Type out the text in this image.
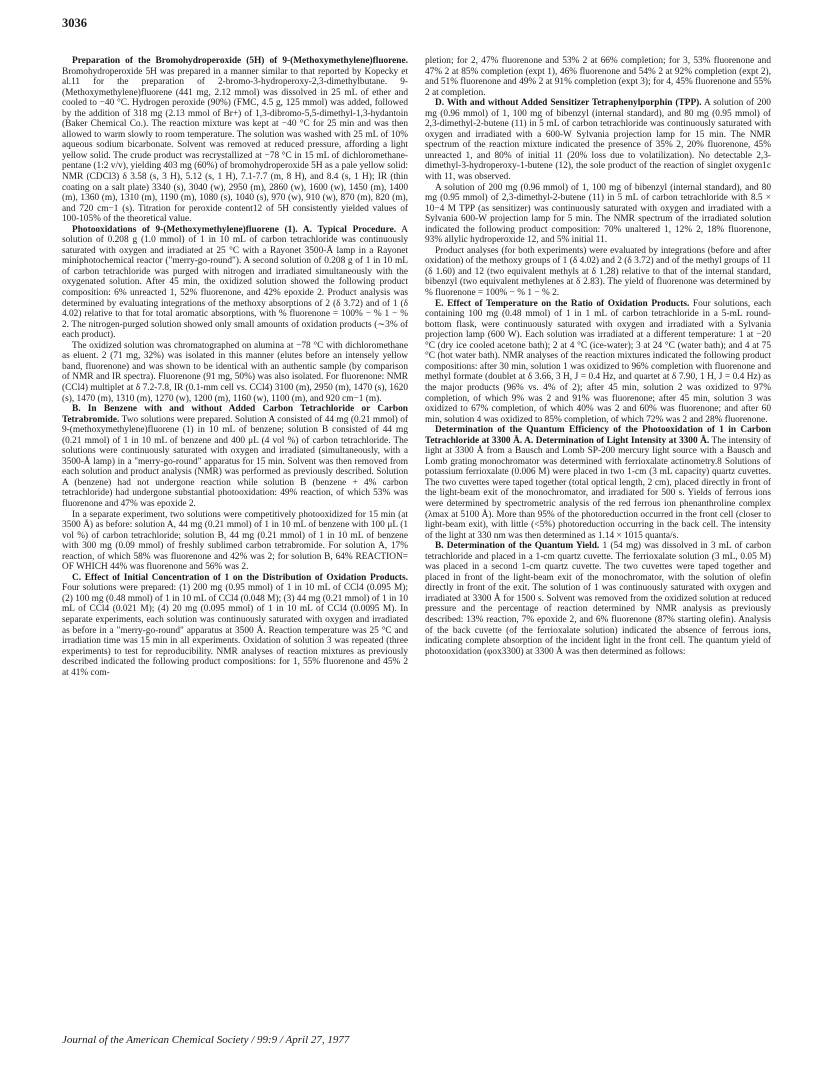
3036

Preparation of the Bromohydroperoxide (5H) of 9-(Methoxymethylene)fluorene. Bromohydroperoxide 5H was prepared in a manner similar to that reported by Kopecky et al.11 for the preparation of 2-bromo-3-hydroperoxy-2,3-dimethylbutane. 9-(Methoxymethylene)fluorene (441 mg, 2.12 mmol) was dissolved in 25 mL of ether and cooled to −40 °C. Hydrogen peroxide (90%) (FMC, 4.5 g, 125 mmol) was added, followed by the addition of 318 mg (2.13 mmol of Br+) of 1,3-dibromo-5,5-dimethyl-1,3-hydantoin (Baker Chemical Co.). The reaction mixture was kept at −40 °C for 25 min and was then allowed to warm slowly to room temperature. The solution was washed with 25 mL of 10% aqueous sodium bicarbonate. Solvent was removed at reduced pressure, affording a light yellow solid. The crude product was recrystallized at −78 °C in 15 mL of dichloromethane-pentane (1:2 v/v), yielding 403 mg (60%) of bromohydroperoxide 5H as a pale yellow solid: NMR (CDCl3) δ 3.58 (s, 3 H), 5.12 (s, 1 H), 7.1-7.7 (m, 8 H), and 8.4 (s, 1 H); IR (thin coating on a salt plate) 3340 (s), 3040 (w), 2950 (m), 2860 (w), 1600 (w), 1450 (m), 1400 (m), 1360 (m), 1310 (m), 1190 (m), 1080 (s), 1040 (s), 970 (w), 910 (w), 870 (m), 820 (m), and 720 cm−1 (s). Titration for peroxide content12 of 5H consistently yielded values of 100-105% of the theoretical value.

Photooxidations of 9-(Methoxymethylene)fluorene (1). A. Typical Procedure. A solution of 0.208 g (1.0 mmol) of 1 in 10 mL of carbon tetrachloride was continuously saturated with oxygen and irradiated at 25 °C with a Rayonet 3500-Å lamp in a Rayonet miniphotochemical reactor ("merry-go-round"). A second solution of 0.208 g of 1 in 10 mL of carbon tetrachloride was purged with nitrogen and irradiated simultaneously with the oxygenated solution. After 45 min, the oxidized solution showed the following product composition: 6% unreacted 1, 52% fluorenone, and 42% epoxide 2. Product analysis was determined by evaluating integrations of the methoxy absorptions of 2 (δ 3.72) and of 1 (δ 4.02) relative to that for total aromatic absorptions, with % fluorenone = 100% − % 1 − % 2. The nitrogen-purged solution showed only small amounts of oxidation products (∼3% of each product).

The oxidized solution was chromatographed on alumina at −78 °C with dichloromethane as eluent. 2 (71 mg, 32%) was isolated in this manner (elutes before an intensely yellow band, fluorenone) and was shown to be identical with an authentic sample (by comparison of NMR and IR spectra). Fluorenone (91 mg, 50%) was also isolated. For fluorenone: NMR (CCl4) multiplet at δ 7.2-7.8, IR (0.1-mm cell vs. CCl4) 3100 (m), 2950 (m), 1470 (s), 1620 (s), 1470 (m), 1310 (m), 1270 (w), 1200 (m), 1160 (w), 1100 (m), and 920 cm−1 (m).

B. In Benzene with and without Added Carbon Tetrachloride or Carbon Tetrabromide. Two solutions were prepared. Solution A consisted of 44 mg (0.21 mmol) of 9-(methoxymethylene)fluorene (1) in 10 mL of benzene; solution B consisted of 44 mg (0.21 mmol) of 1 in 10 mL of benzene and 400 μL (4 vol %) of carbon tetrachloride. The solutions were continuously saturated with oxygen and irradiated (simultaneously, with a 3500-Å lamp) in a "merry-go-round" apparatus for 15 min. Solvent was then removed from each solution and product analysis (NMR) was performed as previously described. Solution A (benzene) had not undergone reaction while solution B (benzene + 4% carbon tetrachloride) had undergone substantial photooxidation: 49% reaction, of which 53% was fluorenone and 47% was epoxide 2.

In a separate experiment, two solutions were competitively photooxidized for 15 min (at 3500 Å) as before: solution A, 44 mg (0.21 mmol) of 1 in 10 mL of benzene with 100 μL (1 vol %) of carbon tetrachloride; solution B, 44 mg (0.21 mmol) of 1 in 10 mL of benzene with 300 mg (0.09 mmol) of freshly sublimed carbon tetrabromide. For solution A, 17% reaction, of which 58% was fluorenone and 42% was 2; for solution B, 64% REACTION= OF WHICH 44% was fluorenone and 56% was 2.

C. Effect of Initial Concentration of 1 on the Distribution of Oxidation Products. Four solutions were prepared: (1) 200 mg (0.95 mmol) of 1 in 10 mL of CCl4 (0.095 M); (2) 100 mg (0.48 mmol) of 1 in 10 mL of CCl4 (0.048 M); (3) 44 mg (0.21 mmol) of 1 in 10 mL of CCl4 (0.021 M); (4) 20 mg (0.095 mmol) of 1 in 10 mL of CCl4 (0.0095 M). In separate experiments, each solution was continuously saturated with oxygen and irradiated as before in a "merry-go-round" apparatus at 3500 Å. Reaction temperature was 25 °C and irradiation time was 15 min in all experiments. Oxidation of solution 3 was repeated (three experiments) to test for reproducibility. NMR analyses of reaction mixtures as previously described indicated the following product compositions: for 1, 55% fluorenone and 45% 2 at 41% com-

pletion; for 2, 47% fluorenone and 53% 2 at 66% completion; for 3, 53% fluorenone and 47% 2 at 85% completion (expt 1), 46% fluorenone and 54% 2 at 92% completion (expt 2), and 51% fluorenone and 49% 2 at 91% completion (expt 3); for 4, 45% fluorenone and 55% 2 at completion.

D. With and without Added Sensitizer Tetraphenylporphin (TPP). A solution of 200 mg (0.96 mmol) of 1, 100 mg of bibenzyl (internal standard), and 80 mg (0.95 mmol) of 2,3-dimethyl-2-butene (11) in 5 mL of carbon tetrachloride was continuously saturated with oxygen and irradiated with a 600-W Sylvania projection lamp for 15 min. The NMR spectrum of the reaction mixture indicated the presence of 35% 2, 20% fluorenone, 45% unreacted 1, and 80% of initial 11 (20% loss due to volatilization). No detectable 2,3-dimethyl-3-hydroperoxy-1-butene (12), the sole product of the reaction of singlet oxygen1c with 11, was observed.

A solution of 200 mg (0.96 mmol) of 1, 100 mg of bibenzyl (internal standard), and 80 mg (0.95 mmol) of 2,3-dimethyl-2-butene (11) in 5 mL of carbon tetrachloride with 8.5 × 10−4 M TPP (as sensitizer) was continuously saturated with oxygen and irradiated with a Sylvania 600-W projection lamp for 5 min. The NMR spectrum of the irradiated solution indicated the following product composition: 70% unaltered 1, 12% 2, 18% fluorenone, 93% allylic hydroperoxide 12, and 5% initial 11.

Product analyses (for both experiments) were evaluated by integrations (before and after oxidation) of the methoxy groups of 1 (δ 4.02) and 2 (δ 3.72) and of the methyl groups of 11 (δ 1.60) and 12 (two equivalent methyls at δ 1.28) relative to that of the internal standard, bibenzyl (two equivalent methylenes at δ 2.83). The yield of fluorenone was determined by % fluorenone = 100% − % 1 − % 2.

E. Effect of Temperature on the Ratio of Oxidation Products. Four solutions, each containing 100 mg (0.48 mmol) of 1 in 1 mL of carbon tetrachloride in a 5-mL round-bottom flask, were continuously saturated with oxygen and irradiated with a Sylvania projection lamp (600 W). Each solution was irradiated at a different temperature: 1 at −20 °C (dry ice cooled acetone bath); 2 at 4 °C (ice-water); 3 at 24 °C (water bath); and 4 at 75 °C (hot water bath). NMR analyses of the reaction mixtures indicated the following product compositions: after 30 min, solution 1 was oxidized to 96% completion with fluorenone and methyl formate (doublet at δ 3.66, 3 H, J = 0.4 Hz, and quartet at δ 7.90, 1 H, J = 0.4 Hz) as the major products (96% vs. 4% of 2); after 45 min, solution 2 was oxidized to 97% completion, of which 9% was 2 and 91% was fluorenone; after 45 min, solution 3 was oxidized to 67% completion, of which 40% was 2 and 60% was fluorenone; and after 60 min, solution 4 was oxidized to 85% completion, of which 72% was 2 and 28% fluorenone.

Determination of the Quantum Efficiency of the Photooxidation of 1 in Carbon Tetrachloride at 3300 Å. A. Determination of Light Intensity at 3300 Å. The intensity of light at 3300 Å from a Bausch and Lomb SP-200 mercury light source with a Bausch and Lomb grating monochromator was determined with ferrioxalate actinometry.8 Solutions of potassium ferrioxalate (0.006 M) were placed in two 1-cm (3 mL capacity) quartz cuvettes. The two cuvettes were taped together (total optical length, 2 cm), placed directly in front of the light-beam exit of the monochromator, and irradiated for 500 s. Yields of ferrous ions were determined by spectrometric analysis of the red ferrous ion phenanthroline complex (λmax at 5100 Å). More than 95% of the photoreduction occurred in the front cell (closer to light-beam exit), with little (<5%) photoreduction occurring in the back cell. The intensity of the light at 330 nm was then determined as 1.14 × 1015 quanta/s.

B. Determination of the Quantum Yield. 1 (54 mg) was dissolved in 3 mL of carbon tetrachloride and placed in a 1-cm quartz cuvette. The ferrioxalate solution (3 mL, 0.05 M) was placed in a second 1-cm quartz cuvette. The two cuvettes were taped together and placed in front of the light-beam exit of the monochromator, with the solution of olefin directly in front of the exit. The solution of 1 was continuously saturated with oxygen and irradiated at 3300 Å for 1500 s. Solvent was removed from the oxidized solution at reduced pressure and the percentage of reaction determined by NMR analysis as previously described: 13% reaction, 7% epoxide 2, and 6% fluorenone (87% starting olefin). Analysis of the back cuvette (of the ferrioxalate solution) indicated the absence of ferrous ions, indicating complete absorption of the incident light in the front cell. The quantum yield of photooxidation (φox3300) at 3300 Å was then determined as follows:

Journal of the American Chemical Society / 99:9 / April 27, 1977
